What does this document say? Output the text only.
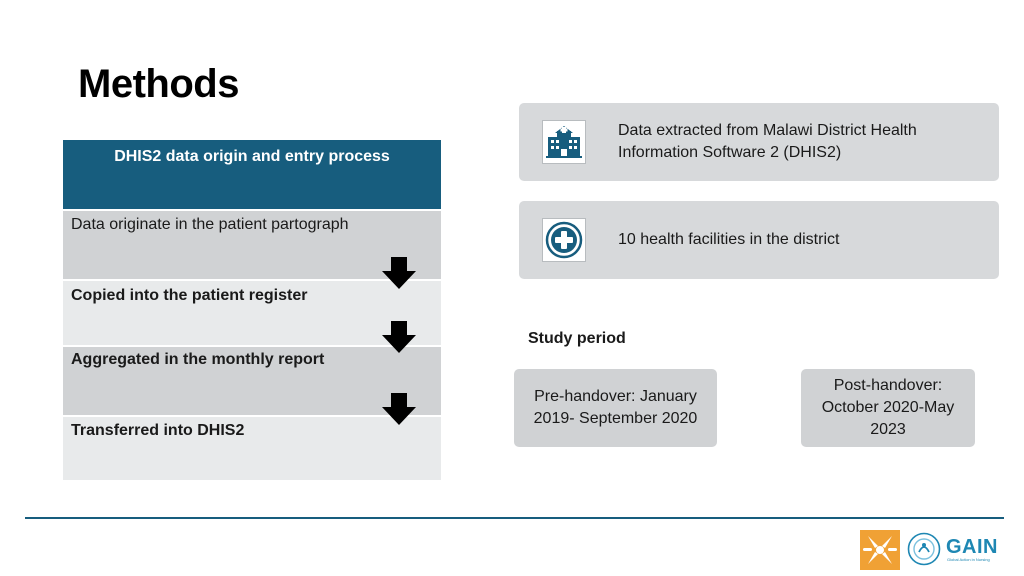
Methods
DHIS2 data origin and entry process
Data originate in the patient partograph
Copied into the patient register
Aggregated in the monthly report
Transferred into DHIS2
Data extracted from Malawi District Health Information Software 2 (DHIS2)
10 health facilities in the district
Study period
Pre-handover: January 2019- September 2020
Post-handover: October 2020-May 2023
GAIN
Global Action in Nursing
